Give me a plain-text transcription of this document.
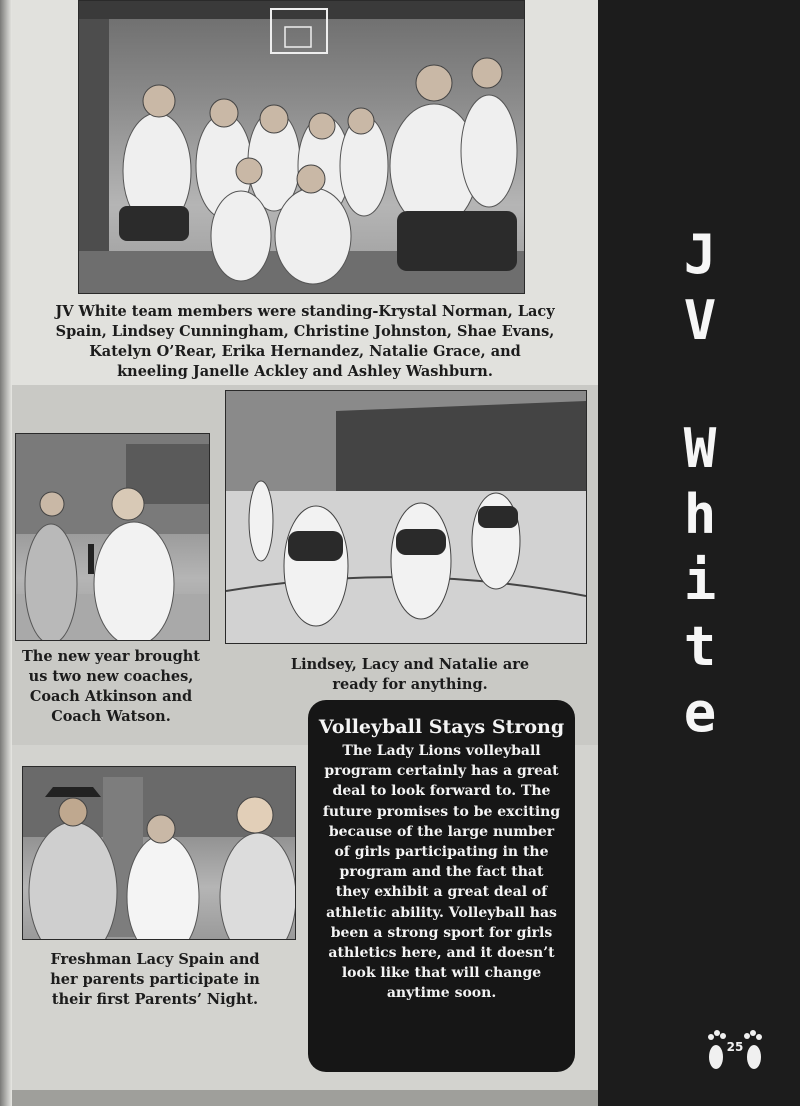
JV White team members were standing-Krystal Norman, Lacy Spain, Lindsey Cunningham, Christine Johnston, Shae Evans, Katelyn O’Rear, Erika Hernandez, Natalie Grace, and kneeling Janelle Ackley and Ashley Washburn.

The new year brought us two new coaches, Coach Atkinson and Coach Watson.

Lindsey, Lacy and Natalie are ready for anything.

Freshman Lacy Spain and her parents participate in their first Parents’ Night.

Volleyball Stays Strong

The Lady Lions volleyball program certainly has a great deal to look forward to. The future promises to be exciting because of the large number of girls participating in the program and the fact that they exhibit a great deal of athletic ability. Volleyball has been a strong sport for girls athletics here, and it doesn’t look like that will change anytime soon.

J
V
W
h
i
t
e
25
